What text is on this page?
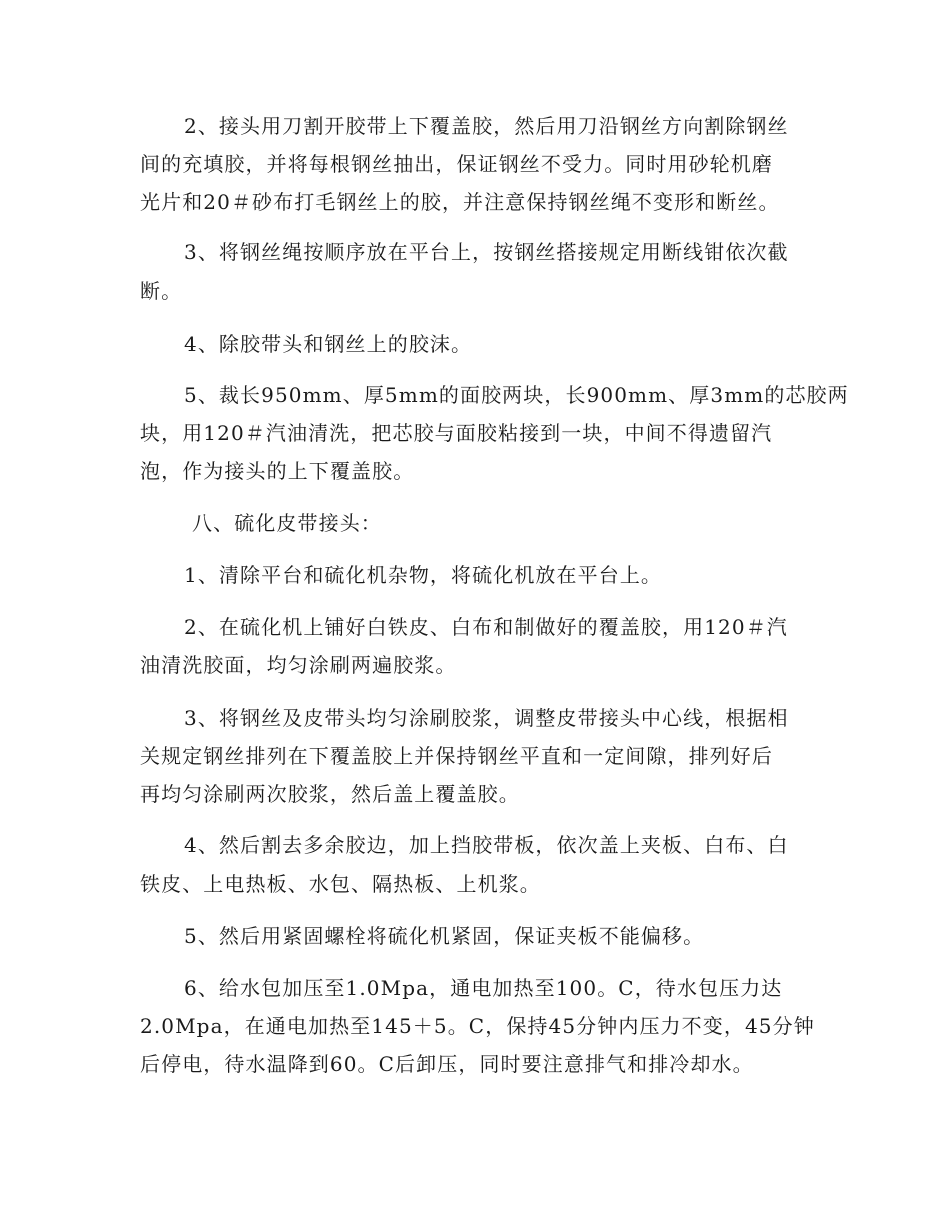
2、接头用刀割开胶带上下覆盖胶，然后用刀沿钢丝方向割除钢丝
间的充填胶，并将每根钢丝抽出，保证钢丝不受力。同时用砂轮机磨
光片和20＃砂布打毛钢丝上的胶，并注意保持钢丝绳不变形和断丝。
3、将钢丝绳按顺序放在平台上，按钢丝搭接规定用断线钳依次截
断。
4、除胶带头和钢丝上的胶沫。
5、裁长950mm、厚5mm的面胶两块，长900mm、厚3mm的芯胶两
块，用120＃汽油清洗，把芯胶与面胶粘接到一块，中间不得遗留汽
泡，作为接头的上下覆盖胶。
八、硫化皮带接头：
1、清除平台和硫化机杂物，将硫化机放在平台上。
2、在硫化机上铺好白铁皮、白布和制做好的覆盖胶，用120＃汽
油清洗胶面，均匀涂刷两遍胶浆。
3、将钢丝及皮带头均匀涂刷胶浆，调整皮带接头中心线，根据相
关规定钢丝排列在下覆盖胶上并保持钢丝平直和一定间隙，排列好后
再均匀涂刷两次胶浆，然后盖上覆盖胶。
4、然后割去多余胶边，加上挡胶带板，依次盖上夹板、白布、白
铁皮、上电热板、水包、隔热板、上机浆。
5、然后用紧固螺栓将硫化机紧固，保证夹板不能偏移。
6、给水包加压至1.0Mpa，通电加热至100。C，待水包压力达
2.0Mpa，在通电加热至145＋5。C，保持45分钟内压力不变，45分钟
后停电，待水温降到60。C后卸压，同时要注意排气和排冷却水。
